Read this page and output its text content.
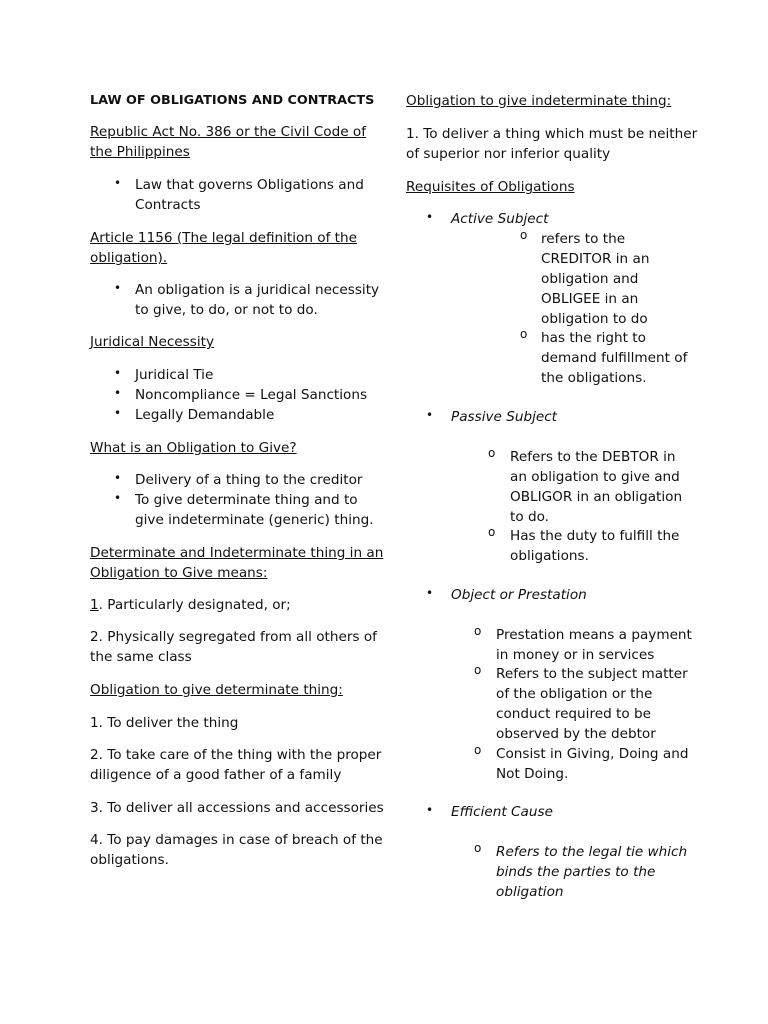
LAW OF OBLIGATIONS AND CONTRACTS
Republic Act No. 386 or the Civil Code of
the Philippines
• Law that governs Obligations and
Contracts
Article 1156 (The legal definition of the
obligation).
• An obligation is a juridical necessity
to give, to do, or not to do.
Juridical Necessity
• Juridical Tie
• Noncompliance = Legal Sanctions
• Legally Demandable
What is an Obligation to Give?
• Delivery of a thing to the creditor
• To give determinate thing and to
give indeterminate (generic) thing.
Determinate and Indeterminate thing in an
Obligation to Give means:
1. Particularly designated, or;
2. Physically segregated from all others of
the same class
Obligation to give determinate thing:
1. To deliver the thing
2. To take care of the thing with the proper
diligence of a good father of a family
3. To deliver all accessions and accessories
4. To pay damages in case of breach of the
obligations.
Obligation to give indeterminate thing:
1. To deliver a thing which must be neither
of superior nor inferior quality
Requisites of Obligations
• Active Subject
o refers to the
CREDITOR in an
obligation and
OBLIGEE in an
obligation to do
o has the right to
demand fulfillment of
the obligations.
• Passive Subject
o Refers to the DEBTOR in
an obligation to give and
OBLIGOR in an obligation
to do.
o Has the duty to fulfill the
obligations.
• Object or Prestation
o Prestation means a payment
in money or in services
o Refers to the subject matter
of the obligation or the
conduct required to be
observed by the debtor
o Consist in Giving, Doing and
Not Doing.
• Efficient Cause
o Refers to the legal tie which
binds the parties to the
obligation
